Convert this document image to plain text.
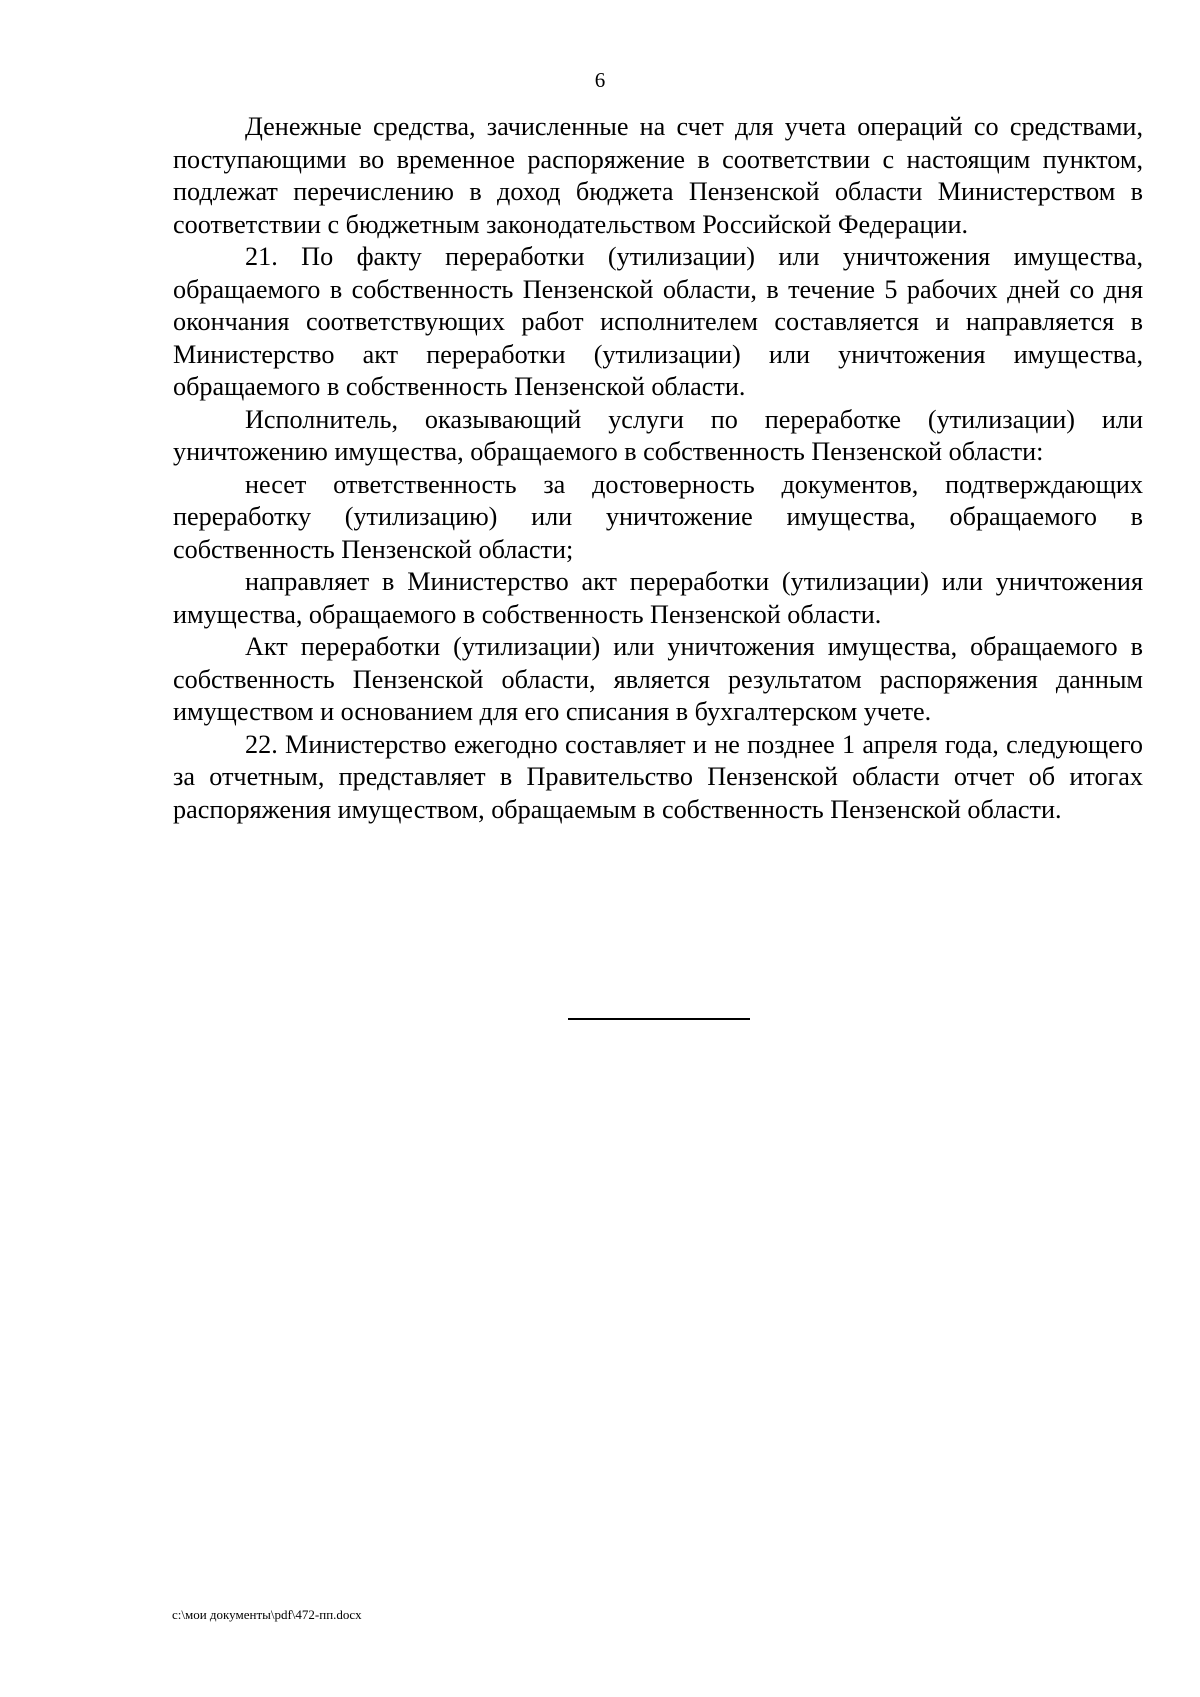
6

Денежные средства, зачисленные на счет для учета операций со средствами, поступающими во временное распоряжение в соответствии с настоящим пунктом, подлежат перечислению в доход бюджета Пензенской области Министерством в соответствии с бюджетным законодательством Российской Федерации.

21. По факту переработки (утилизации) или уничтожения имущества, обращаемого в собственность Пензенской области, в течение 5 рабочих дней со дня окончания соответствующих работ исполнителем составляется и направляется в Министерство акт переработки (утилизации) или уничтожения имущества, обращаемого в собственность Пензенской области.

Исполнитель, оказывающий услуги по переработке (утилизации) или уничтожению имущества, обращаемого в собственность Пензенской области:

несет ответственность за достоверность документов, подтверждающих переработку (утилизацию) или уничтожение имущества, обращаемого в собственность Пензенской области;

направляет в Министерство акт переработки (утилизации) или уничтожения имущества, обращаемого в собственность Пензенской области.

Акт переработки (утилизации) или уничтожения имущества, обращаемого в собственность Пензенской области, является результатом распоряжения данным имуществом и основанием для его списания в бухгалтерском учете.

22. Министерство ежегодно составляет и не позднее 1 апреля года, следующего за отчетным, представляет в Правительство Пензенской области отчет об итогах распоряжения имуществом, обращаемым в собственность Пензенской области.

c:\мои документы\pdf\472-пп.docx
